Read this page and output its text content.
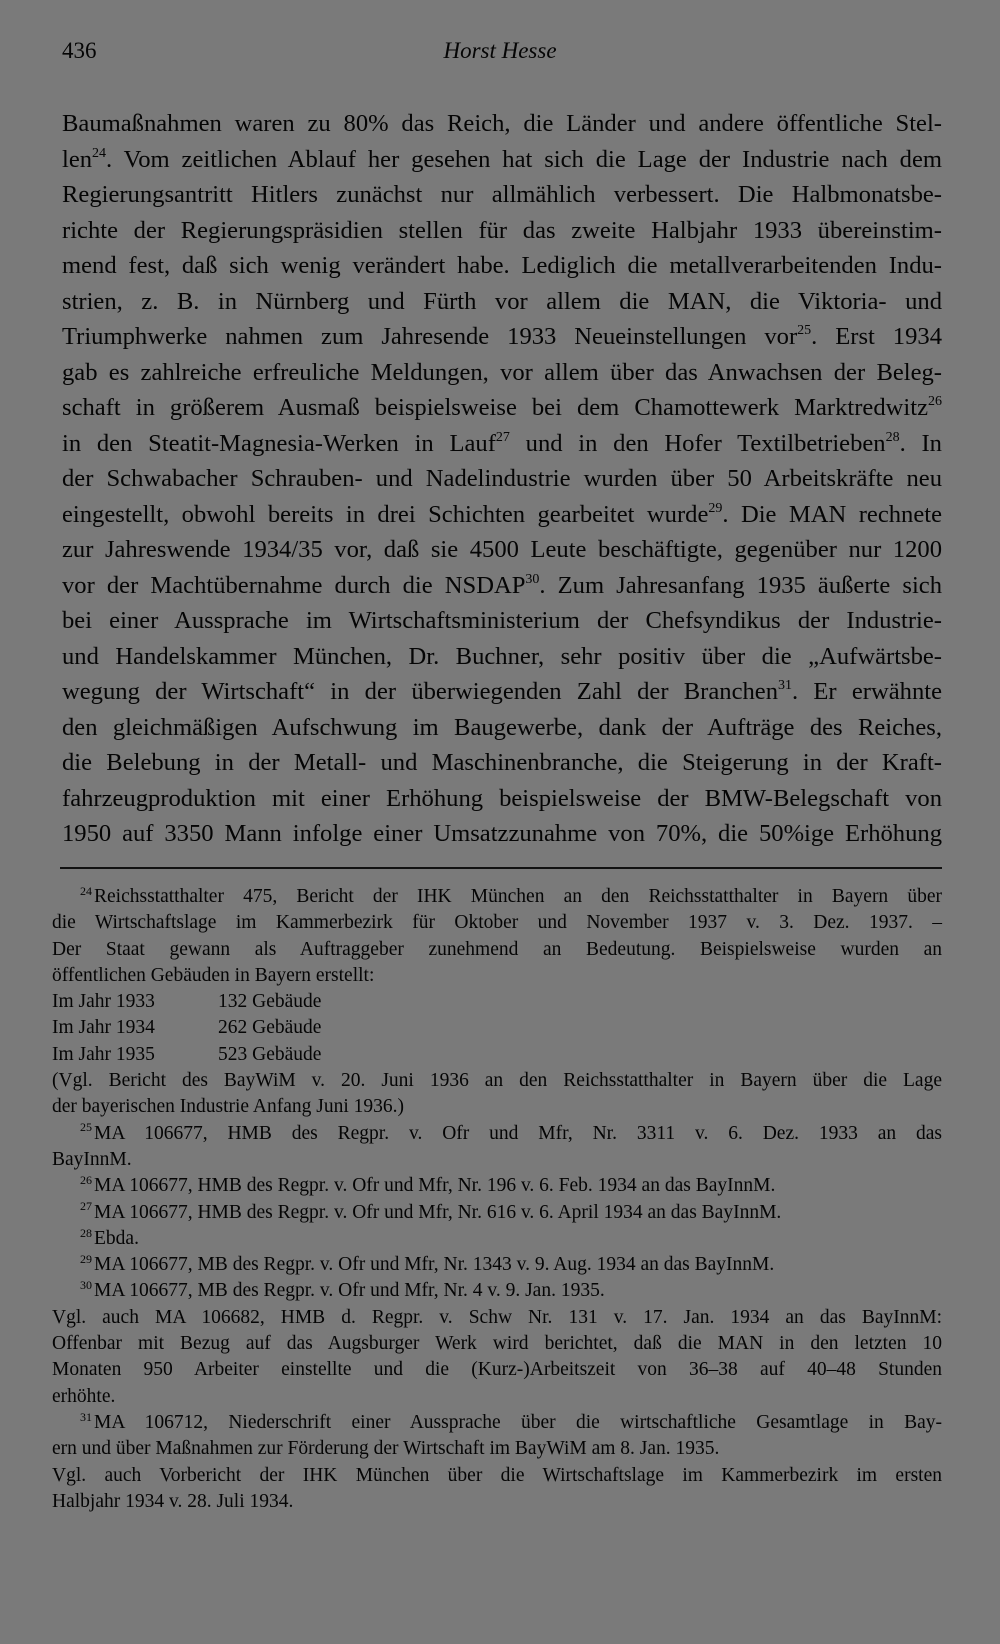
436	Horst Hesse
Baumaßnahmen waren zu 80% das Reich, die Länder und andere öffentliche Stel-
len$^{24}$. Vom zeitlichen Ablauf her gesehen hat sich die Lage der Industrie nach dem
Regierungsantritt Hitlers zunächst nur allmählich verbessert. Die Halbmonatsbe-
richte der Regierungspräsidien stellen für das zweite Halbjahr 1933 übereinstim-
mend fest, daß sich wenig verändert habe. Lediglich die metallverarbeitenden Indu-
strien, z. B. in Nürnberg und Fürth vor allem die MAN, die Viktoria- und
Triumphwerke nahmen zum Jahresende 1933 Neueinstellungen vor$^{25}$. Erst 1934
gab es zahlreiche erfreuliche Meldungen, vor allem über das Anwachsen der Beleg-
schaft in größerem Ausmaß beispielsweise bei dem Chamottewerk Marktredwitz$^{26}$
in den Steatit-Magnesia-Werken in Lauf$^{27}$ und in den Hofer Textilbetrieben$^{28}$. In
der Schwabacher Schrauben- und Nadelindustrie wurden über 50 Arbeitskräfte neu
eingestellt, obwohl bereits in drei Schichten gearbeitet wurde$^{29}$. Die MAN rechnete
zur Jahreswende 1934/35 vor, daß sie 4500 Leute beschäftigte, gegenüber nur 1200
vor der Machtübernahme durch die NSDAP$^{30}$. Zum Jahresanfang 1935 äußerte sich
bei einer Aussprache im Wirtschaftsministerium der Chefsyndikus der Industrie-
und Handelskammer München, Dr. Buchner, sehr positiv über die „Aufwärtsbe-
wegung der Wirtschaft“ in der überwiegenden Zahl der Branchen$^{31}$. Er erwähnte
den gleichmäßigen Aufschwung im Baugewerbe, dank der Aufträge des Reiches,
die Belebung in der Metall- und Maschinenbranche, die Steigerung in der Kraft-
fahrzeugproduktion mit einer Erhöhung beispielsweise der BMW-Belegschaft von
1950 auf 3350 Mann infolge einer Umsatzzunahme von 70%, die 50%ige Erhöhung
$^{24}$ Reichsstatthalter 475, Bericht der IHK München an den Reichsstatthalter in Bayern über
die Wirtschaftslage im Kammerbezirk für Oktober und November 1937 v. 3. Dez. 1937. –
Der Staat gewann als Auftraggeber zunehmend an Bedeutung. Beispielsweise wurden an
öffentlichen Gebäuden in Bayern erstellt:
Im Jahr 1933	132 Gebäude
Im Jahr 1934	262 Gebäude
Im Jahr 1935	523 Gebäude
(Vgl. Bericht des BayWiM v. 20. Juni 1936 an den Reichsstatthalter in Bayern über die Lage
der bayerischen Industrie Anfang Juni 1936.)
$^{25}$ MA 106677, HMB des Regpr. v. Ofr und Mfr, Nr. 3311 v. 6. Dez. 1933 an das
BayInnM.
$^{26}$ MA 106677, HMB des Regpr. v. Ofr und Mfr, Nr. 196 v. 6. Feb. 1934 an das BayInnM.
$^{27}$ MA 106677, HMB des Regpr. v. Ofr und Mfr, Nr. 616 v. 6. April 1934 an das BayInnM.
$^{28}$ Ebda.
$^{29}$ MA 106677, MB des Regpr. v. Ofr und Mfr, Nr. 1343 v. 9. Aug. 1934 an das BayInnM.
$^{30}$ MA 106677, MB des Regpr. v. Ofr und Mfr, Nr. 4 v. 9. Jan. 1935.
Vgl. auch MA 106682, HMB d. Regpr. v. Schw Nr. 131 v. 17. Jan. 1934 an das BayInnM:
Offenbar mit Bezug auf das Augsburger Werk wird berichtet, daß die MAN in den letzten 10
Monaten 950 Arbeiter einstellte und die (Kurz-)Arbeitszeit von 36–38 auf 40–48 Stunden
erhöhte.
$^{31}$ MA 106712, Niederschrift einer Aussprache über die wirtschaftliche Gesamtlage in Bay-
ern und über Maßnahmen zur Förderung der Wirtschaft im BayWiM am 8. Jan. 1935.
Vgl. auch Vorbericht der IHK München über die Wirtschaftslage im Kammerbezirk im ersten
Halbjahr 1934 v. 28. Juli 1934.
